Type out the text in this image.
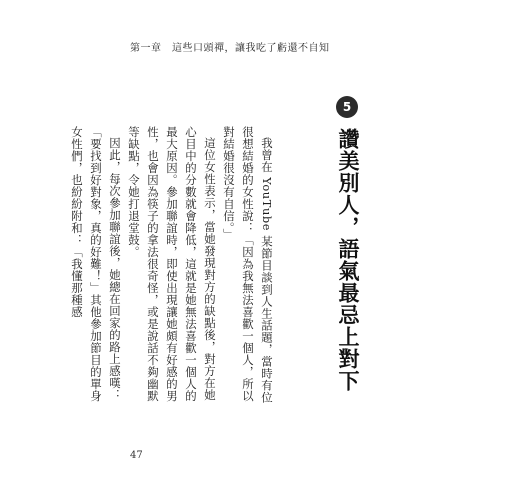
第一章　這些口頭禪，讓我吃了虧還不自知
5
讚美別人，語氣最忌上對下

我曾在 YouTube 某節目談到人生話題，當時有位很想結婚的女性說：「因為我無法喜歡一個人，所以對結婚很沒有自信。」

這位女性表示，當她發現對方的缺點後，對方在她心目中的分數就會降低，這就是她無法喜歡一個人的最大原因。參加聯誼時，即使出現讓她頗有好感的男性，也會因為筷子的拿法很奇怪，或是說話不夠幽默等缺點，令她打退堂鼓。

因此，每次參加聯誼後，她總在回家的路上感嘆：「要找到好對象，真的好難！」其他參加節目的單身女性們，也紛紛附和：「我懂那種感

47
